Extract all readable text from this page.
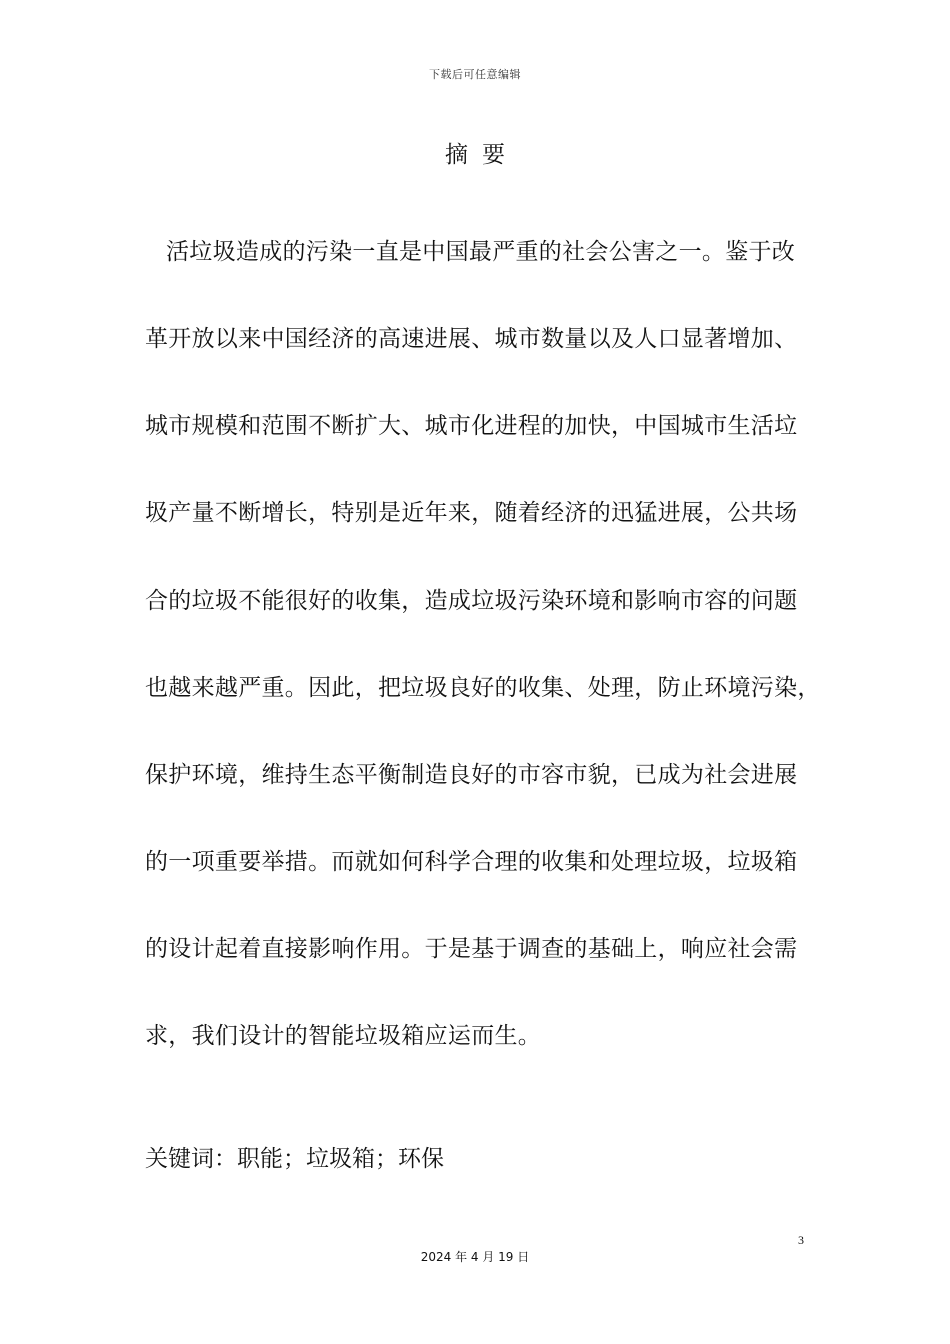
下载后可任意编辑
摘要
活垃圾造成的污染一直是中国最严重的社会公害之一。鉴于改
革开放以来中国经济的高速进展、城市数量以及人口显著增加、
城市规模和范围不断扩大、城市化进程的加快，中国城市生活垃
圾产量不断增长，特别是近年来，随着经济的迅猛进展，公共场
合的垃圾不能很好的收集，造成垃圾污染环境和影响市容的问题
也越来越严重。因此，把垃圾良好的收集、处理，防止环境污染，
保护环境，维持生态平衡制造良好的市容市貌，已成为社会进展
的一项重要举措。而就如何科学合理的收集和处理垃圾，垃圾箱
的设计起着直接影响作用。于是基于调查的基础上，响应社会需
求，我们设计的智能垃圾箱应运而生。
关键词：职能；垃圾箱；环保
3
2024 年 4 月 19 日
